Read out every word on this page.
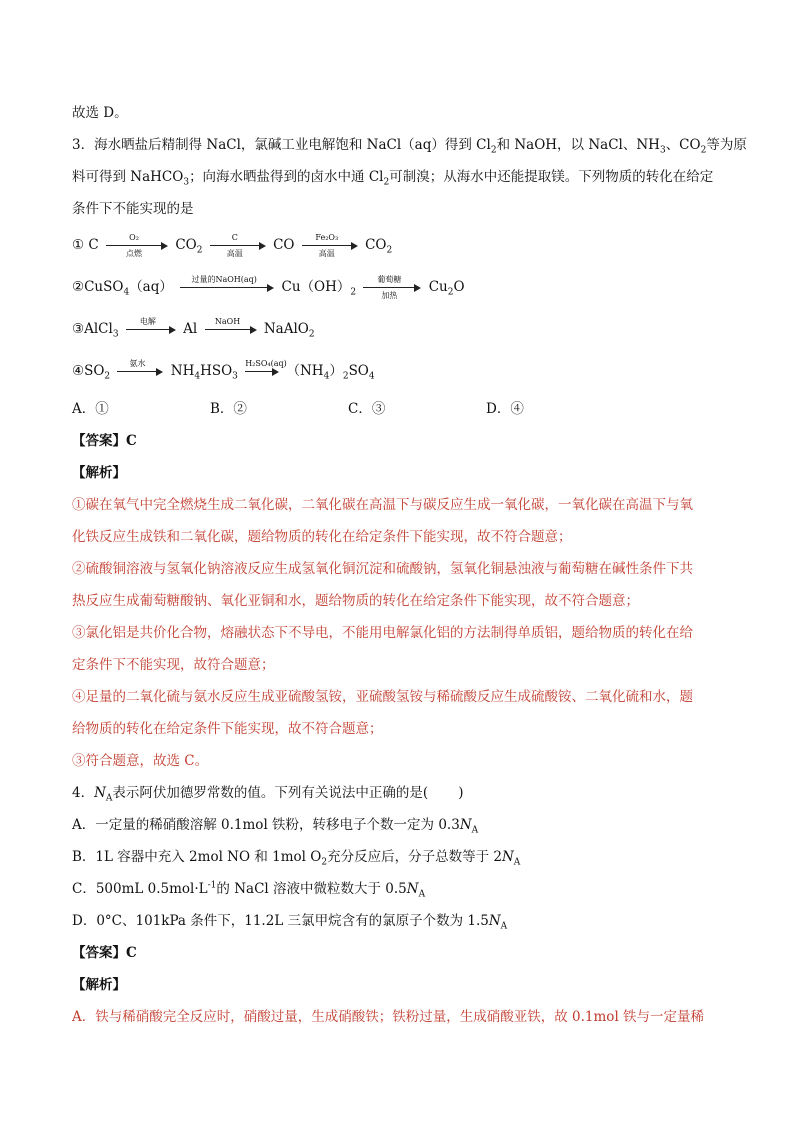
故选 D。
3．海水晒盐后精制得 NaCl，氯碱工业电解饱和 NaCl（aq）得到 $Cl_2$和 NaOH，以 NaCl、$NH_3$、$CO_2$等为原
料可得到 NaHCO$_3$；向海水晒盐得到的卤水中通 $Cl_2$可制溴；从海水中还能提取镁。下列物质的转化在给定
条件下不能实现的是
① C	O₂
点燃	$CO_2$
C
高温	CO	Fe₂O₃
高温	$CO_2$
②CuSO$_4$（aq）	过量的NaOH(aq)	$Cu(OH)_2$
葡萄糖
加热	$Cu_2O$
③AlCl$_3$
电解	Al	NaOH	NaAlO$_2$
$④SO_2$
氨水	$NH_4HSO_3$
H₂SO₄(aq) $(NH_4)_2SO_4$
A．①	B．②	C．③	D．④
【答案】C
【解析】
①碳在氧气中完全燃烧生成二氧化碳，二氧化碳在高温下与碳反应生成一氧化碳，一氧化碳在高温下与氧
化铁反应生成铁和二氧化碳，题给物质的转化在给定条件下能实现，故不符合题意；
②硫酸铜溶液与氢氧化钠溶液反应生成氢氧化铜沉淀和硫酸钠，氢氧化铜悬浊液与葡萄糖在碱性条件下共
热反应生成葡萄糖酸钠、氧化亚铜和水，题给物质的转化在给定条件下能实现，故不符合题意；
③氯化铝是共价化合物，熔融状态下不导电，不能用电解氯化铝的方法制得单质铝，题给物质的转化在给
定条件下不能实现，故符合题意；
④足量的二氧化硫与氨水反应生成亚硫酸氢铵，亚硫酸氢铵与稀硫酸反应生成硫酸铵、二氧化硫和水，题
给物质的转化在给定条件下能实现，故不符合题意；
③符合题意，故选 C。
4．$N_A$表示阿伏加德罗常数的值。下列有关说法中正确的是( )
A．一定量的稀硝酸溶解 0.1mol 铁粉，转移电子个数一定为 $0.3N_A$
B．1L 容器中充入 2mol NO 和 1mol $O_2$充分反应后，分子总数等于 $2N_A$
C．500mL $0.5mol\cdot L^{-1}$的 NaCl 溶液中微粒数大于 $0.5N_A$
D．0°C、101kPa 条件下，11.2L 三氯甲烷含有的氯原子个数为 $1.5N_A$
【答案】C
【解析】
A．铁与稀硝酸完全反应时，硝酸过量，生成硝酸铁；铁粉过量，生成硝酸亚铁，故 0.1mol 铁与一定量稀
